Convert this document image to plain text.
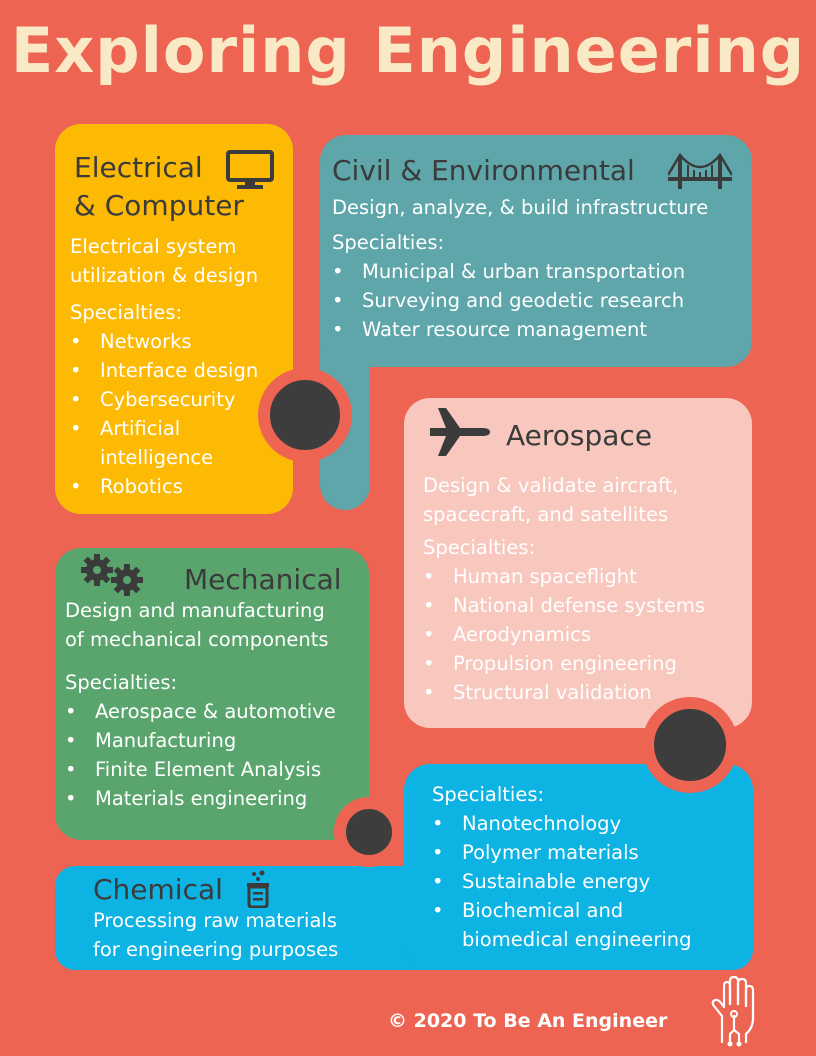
Exploring Engineering
Civil & Environmental
Design, analyze, & build infrastructure
Specialties:
• Municipal & urban transportation
• Surveying and geodetic research
• Water resource management
Electrical
& Computer
Electrical system
utilization & design
Specialties:
• Networks
• Interface design
• Cybersecurity
• Artificial intelligence
• Robotics
Aerospace
Design & validate aircraft,
spacecraft, and satellites
Specialties:
• Human spaceflight
• National defense systems
• Aerodynamics
• Propulsion engineering
• Structural validation
Mechanical
Design and manufacturing
of mechanical components
Specialties:
• Aerospace & automotive
• Manufacturing
• Finite Element Analysis
• Materials engineering
Chemical
Processing raw materials
for engineering purposes
Specialties:
• Nanotechnology
• Polymer materials
• Sustainable energy
• Biochemical and biomedical engineering
© 2020 To Be An Engineer
